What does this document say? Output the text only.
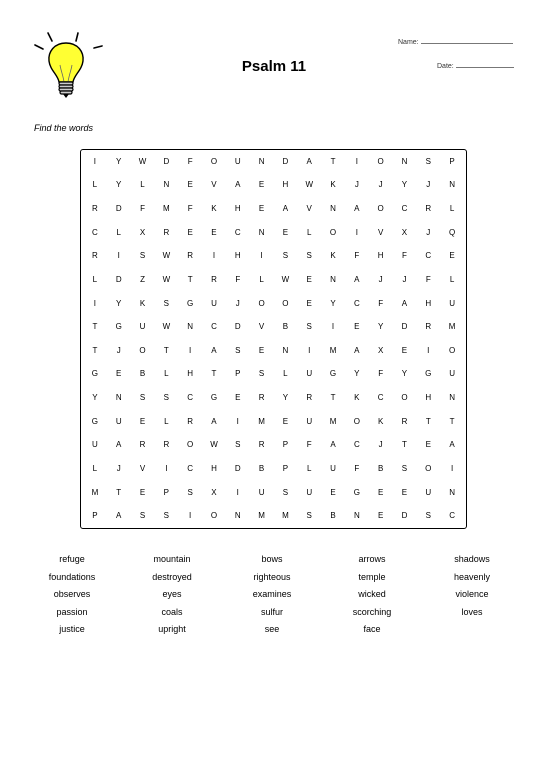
Name:
Date:
Psalm 11
Find the words
I	Y	W	D	F	O	U	N	D	A	T	I	O	N	S	P
L	Y	L	N	E	V	A	E	H	W	K	J	J	Y	J	N
R	D	F	M	F	K	H	E	A	V	N	A	O	C	R	L
C	L	X	R	E	E	C	N	E	L	O	I	V	X	J	Q
R	I	S	W	R	I	H	I	S	S	K	F	H	F	C	E
L	D	Z	W	T	R	F	L	W	E	N	A	J	J	F	L
I	Y	K	S	G	U	J	O	O	E	Y	C	F	A	H	U
T	G	U	W	N	C	D	V	B	S	I	E	Y	D	R	M
T	J	O	T	I	A	S	E	N	I	M	A	X	E	I	O
G	E	B	L	H	T	P	S	L	U	G	Y	F	Y	G	U
Y	N	S	S	C	G	E	R	Y	R	T	K	C	O	H	N
G	U	E	L	R	A	I	M	E	U	M	O	K	R	T	T
U	A	R	R	O	W	S	R	P	F	A	C	J	T	E	A
L	J	V	I	C	H	D	B	P	L	U	F	B	S	O	I
M	T	E	P	S	X	I	U	S	U	E	G	E	E	U	N
P	A	S	S	I	O	N	M	M	S	B	N	E	D	S	C
refuge	mountain	bows	arrows	shadows
foundations	destroyed	righteous	temple	heavenly
observes	eyes	examines	wicked	violence
passion	coals	sulfur	scorching	loves
justice	upright	see	face
